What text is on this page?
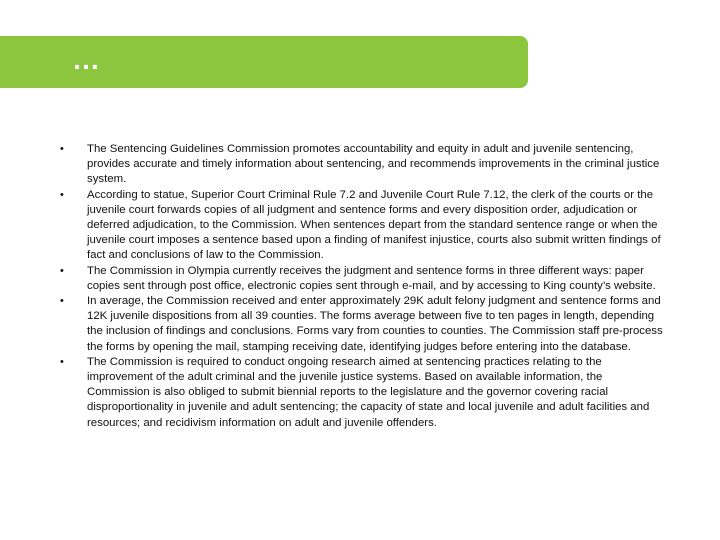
…
• The Sentencing Guidelines Commission promotes accountability and equity in adult and juvenile sentencing, provides accurate and timely information about sentencing, and recommends improvements in the criminal justice system.
• According to statue, Superior Court Criminal Rule 7.2 and Juvenile Court Rule 7.12, the clerk of the courts or the juvenile court forwards copies of all judgment and sentence forms and every disposition order, adjudication or deferred adjudication, to the Commission. When sentences depart from the standard sentence range or when the juvenile court imposes a sentence based upon a finding of manifest injustice, courts also submit written findings of fact and conclusions of law to the Commission.
• The Commission in Olympia currently receives the judgment and sentence forms in three different ways: paper copies sent through post office, electronic copies sent through e-mail, and by accessing to King county’s website.
• In average, the Commission received and enter approximately 29K adult felony judgment and sentence forms and 12K juvenile dispositions from all 39 counties. The forms average between five to ten pages in length, depending the inclusion of findings and conclusions. Forms vary from counties to counties. The Commission staff pre-process the forms by opening the mail, stamping receiving date, identifying judges before entering into the database.
• The Commission is required to conduct ongoing research aimed at sentencing practices relating to the improvement of the adult criminal and the juvenile justice systems. Based on available information, the Commission is also obliged to submit biennial reports to the legislature and the governor covering racial disproportionality in juvenile and adult sentencing; the capacity of state and local juvenile and adult facilities and resources; and recidivism information on adult and juvenile offenders.
